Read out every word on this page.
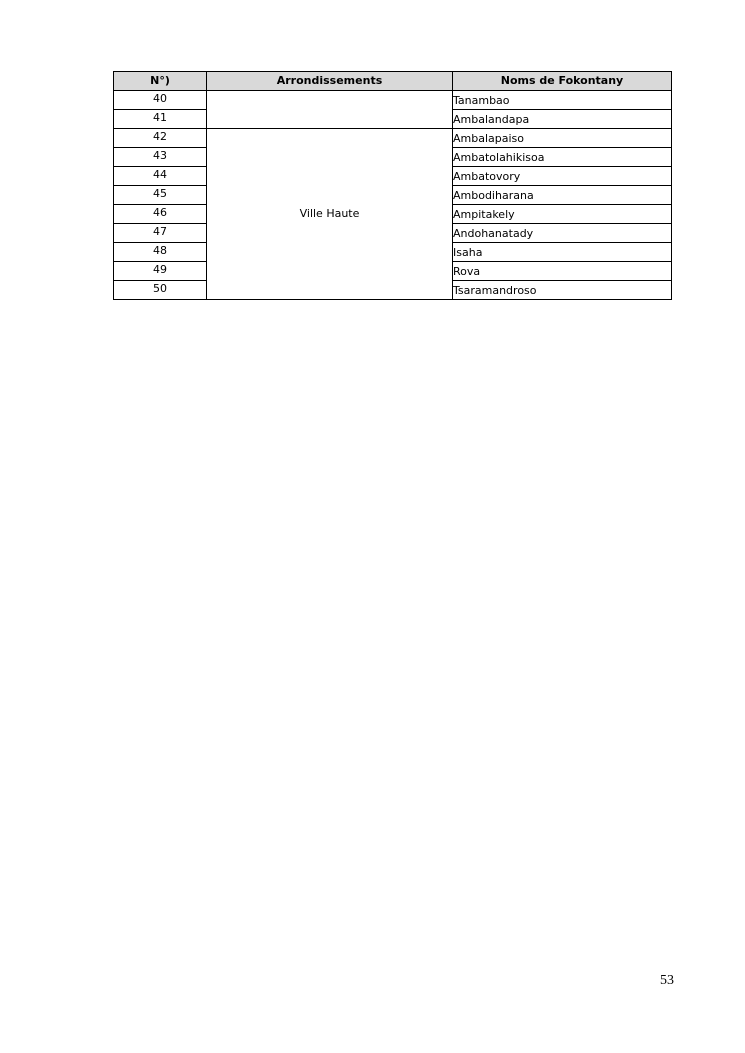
N°)	Arrondissements	Noms de Fokontany
40		Tanambao
41		Ambalandapa
42	Ville Haute	Ambalapaiso
43		Ambatolahikisoa
44		Ambatovory
45		Ambodiharana
46		Ampitakely
47		Andohanatady
48		Isaha
49		Rova
50		Tsaramandroso
53
